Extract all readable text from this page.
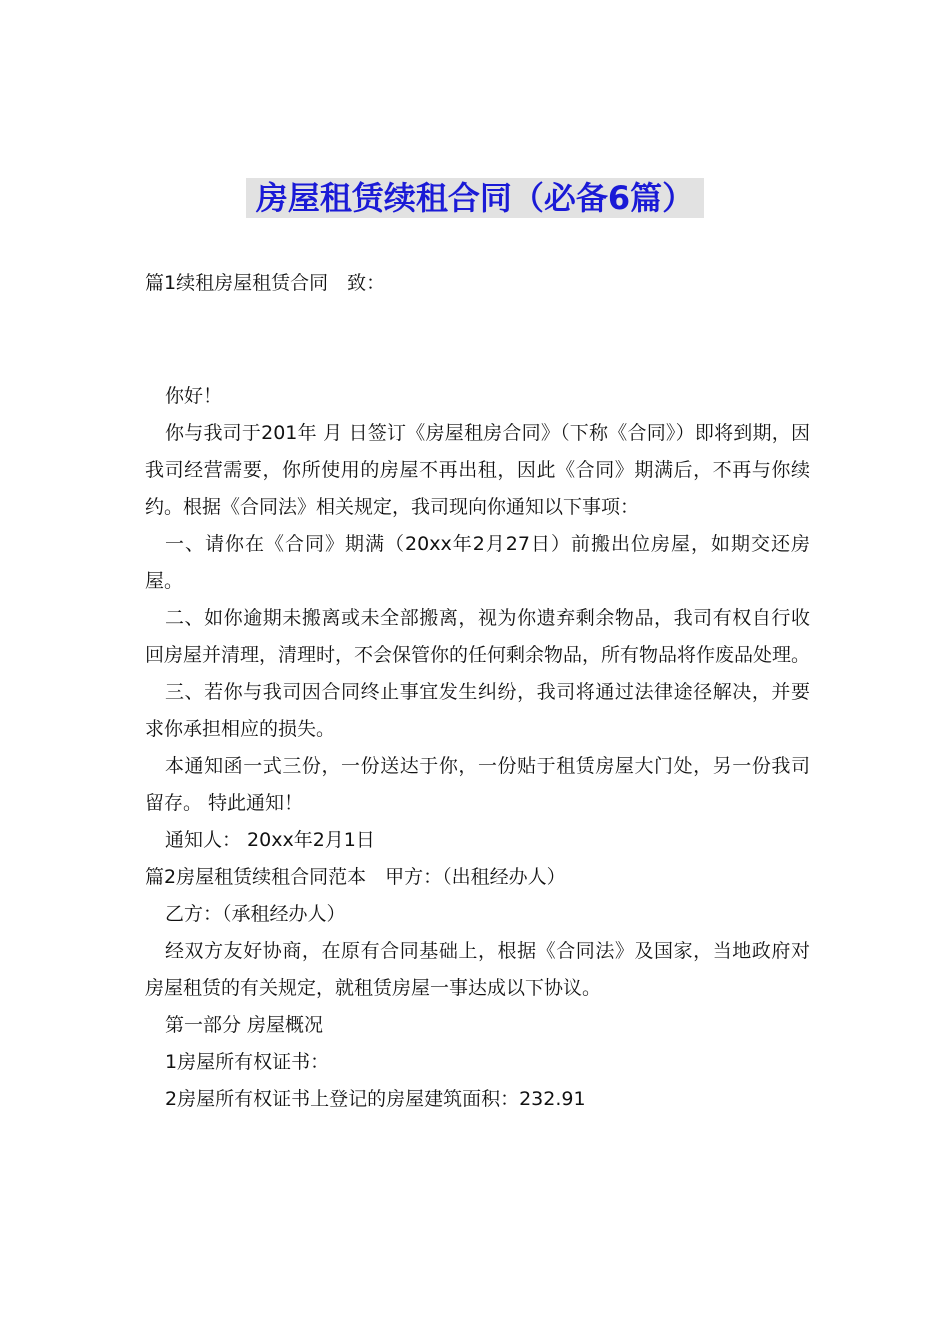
房屋租赁续租合同（必备6篇）

篇1续租房屋租赁合同　致：

你好！

你与我司于201年 月 日签订《房屋租房合同》（下称《合同》）即将到期，因我司经营需要，你所使用的房屋不再出租，因此《合同》期满后，不再与你续约。根据《合同法》相关规定，我司现向你通知以下事项：

一、请你在《合同》期满（20xx年2月27日）前搬出位房屋，如期交还房屋。

二、如你逾期未搬离或未全部搬离，视为你遗弃剩余物品，我司有权自行收回房屋并清理，清理时，不会保管你的任何剩余物品，所有物品将作废品处理。

三、若你与我司因合同终止事宜发生纠纷，我司将通过法律途径解决，并要求你承担相应的损失。

本通知函一式三份，一份送达于你，一份贴于租赁房屋大门处，另一份我司留存。 特此通知！

通知人： 20xx年2月1日

篇2房屋租赁续租合同范本　甲方：（出租经办人）

乙方：（承租经办人）

经双方友好协商，在原有合同基础上，根据《合同法》及国家，当地政府对房屋租赁的有关规定，就租赁房屋一事达成以下协议。

第一部分 房屋概况

1房屋所有权证书：

2房屋所有权证书上登记的房屋建筑面积：232.91
